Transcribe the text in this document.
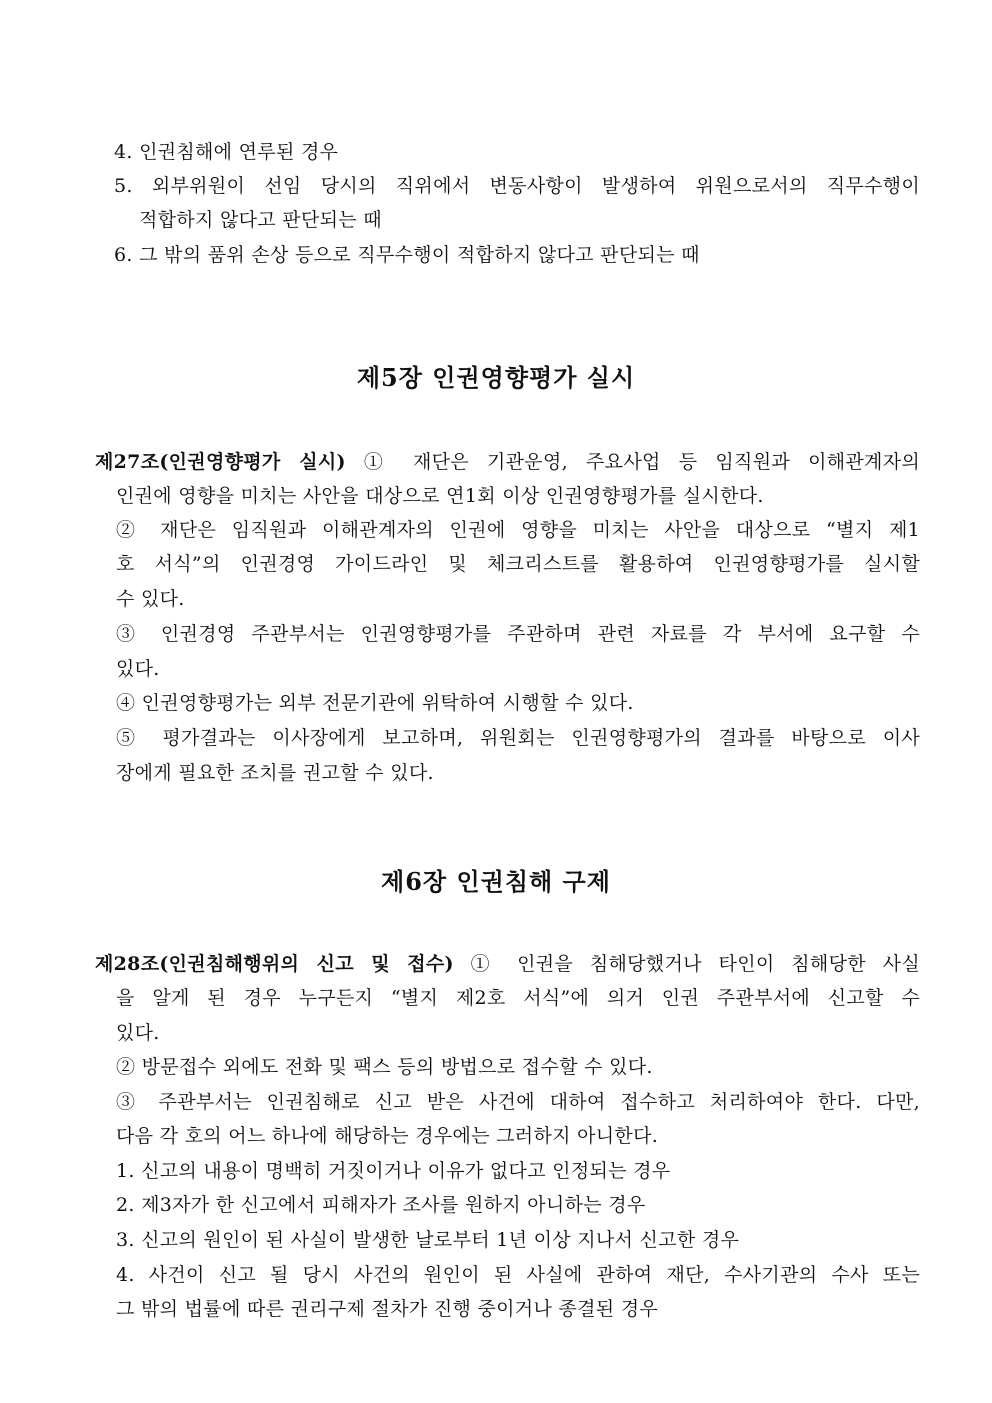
4. 인권침해에 연루된 경우
5. 외부위원이 선임 당시의 직위에서 변동사항이 발생하여 위원으로서의 직무수행이
적합하지 않다고 판단되는 때
6. 그 밖의 품위 손상 등으로 직무수행이 적합하지 않다고 판단되는 때
제5장 인권영향평가 실시
제27조(인권영향평가 실시) ① 재단은 기관운영, 주요사업 등 임직원과 이해관계자의
인권에 영향을 미치는 사안을 대상으로 연1회 이상 인권영향평가를 실시한다.
② 재단은 임직원과 이해관계자의 인권에 영향을 미치는 사안을 대상으로 “별지 제1
호 서식”의 인권경영 가이드라인 및 체크리스트를 활용하여 인권영향평가를 실시할
수 있다.
③ 인권경영 주관부서는 인권영향평가를 주관하며 관련 자료를 각 부서에 요구할 수
있다.
④ 인권영향평가는 외부 전문기관에 위탁하여 시행할 수 있다.
⑤ 평가결과는 이사장에게 보고하며, 위원회는 인권영향평가의 결과를 바탕으로 이사
장에게 필요한 조치를 권고할 수 있다.
제6장 인권침해 구제
제28조(인권침해행위의 신고 및 접수) ① 인권을 침해당했거나 타인이 침해당한 사실
을 알게 된 경우 누구든지 “별지 제2호 서식”에 의거 인권 주관부서에 신고할 수
있다.
② 방문접수 외에도 전화 및 팩스 등의 방법으로 접수할 수 있다.
③ 주관부서는 인권침해로 신고 받은 사건에 대하여 접수하고 처리하여야 한다. 다만,
다음 각 호의 어느 하나에 해당하는 경우에는 그러하지 아니한다.
1. 신고의 내용이 명백히 거짓이거나 이유가 없다고 인정되는 경우
2. 제3자가 한 신고에서 피해자가 조사를 원하지 아니하는 경우
3. 신고의 원인이 된 사실이 발생한 날로부터 1년 이상 지나서 신고한 경우
4. 사건이 신고 될 당시 사건의 원인이 된 사실에 관하여 재단, 수사기관의 수사 또는
그 밖의 법률에 따른 권리구제 절차가 진행 중이거나 종결된 경우
